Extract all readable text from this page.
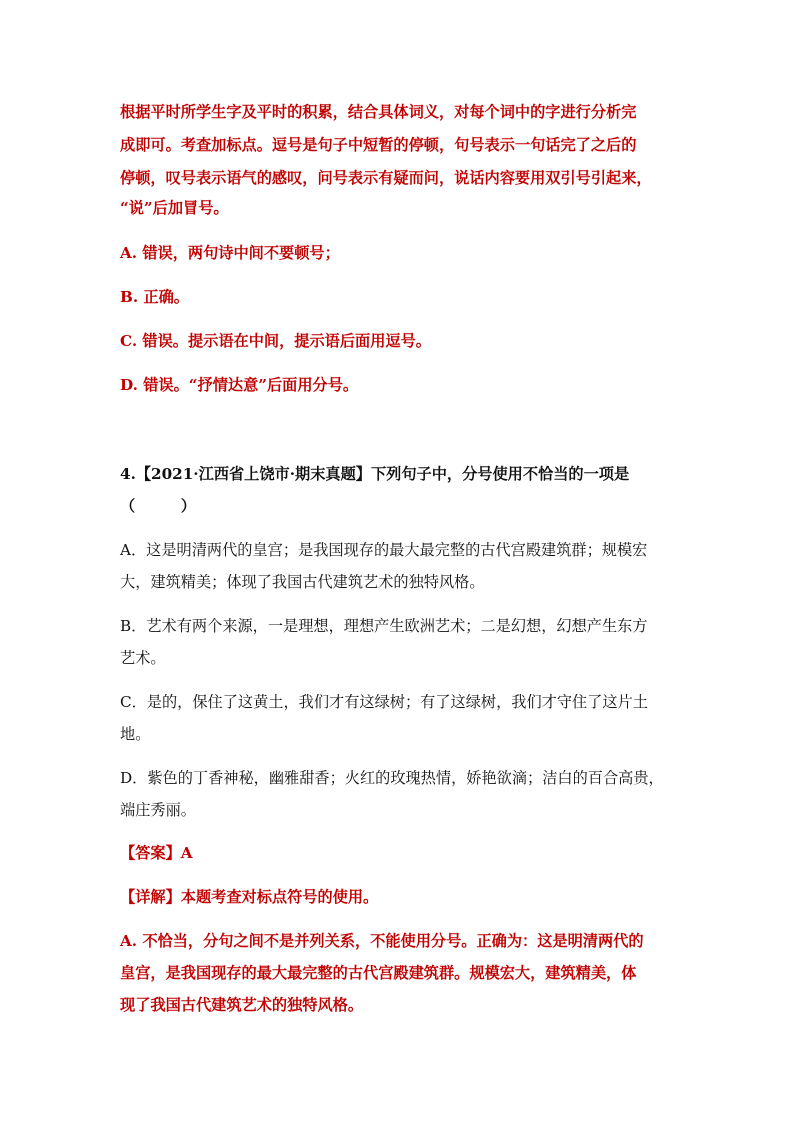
根据平时所学生字及平时的积累，结合具体词义，对每个词中的字进行分析完
成即可。考查加标点。逗号是句子中短暂的停顿，句号表示一句话完了之后的
停顿，叹号表示语气的感叹，问号表示有疑而问，说话内容要用双引号引起来，
“说”后加冒号。
A. 错误，两句诗中间不要顿号；
B. 正确。
C. 错误。提示语在中间，提示语后面用逗号。
D. 错误。“抒情达意”后面用分号。
4.【2021·江西省上饶市·期末真题】下列句子中，分号使用不恰当的一项是
（　　　）
A．这是明清两代的皇宫；是我国现存的最大最完整的古代宫殿建筑群；规模宏
大，建筑精美；体现了我国古代建筑艺术的独特风格。
B．艺术有两个来源，一是理想，理想产生欧洲艺术；二是幻想，幻想产生东方
艺术。
C．是的，保住了这黄土，我们才有这绿树；有了这绿树，我们才守住了这片土
地。
D．紫色的丁香神秘，幽雅甜香；火红的玫瑰热情，娇艳欲滴；洁白的百合高贵，
端庄秀丽。
【答案】A
【详解】本题考查对标点符号的使用。
A. 不恰当，分句之间不是并列关系，不能使用分号。正确为：这是明清两代的
皇宫，是我国现存的最大最完整的古代宫殿建筑群。规模宏大，建筑精美，体
现了我国古代建筑艺术的独特风格。
